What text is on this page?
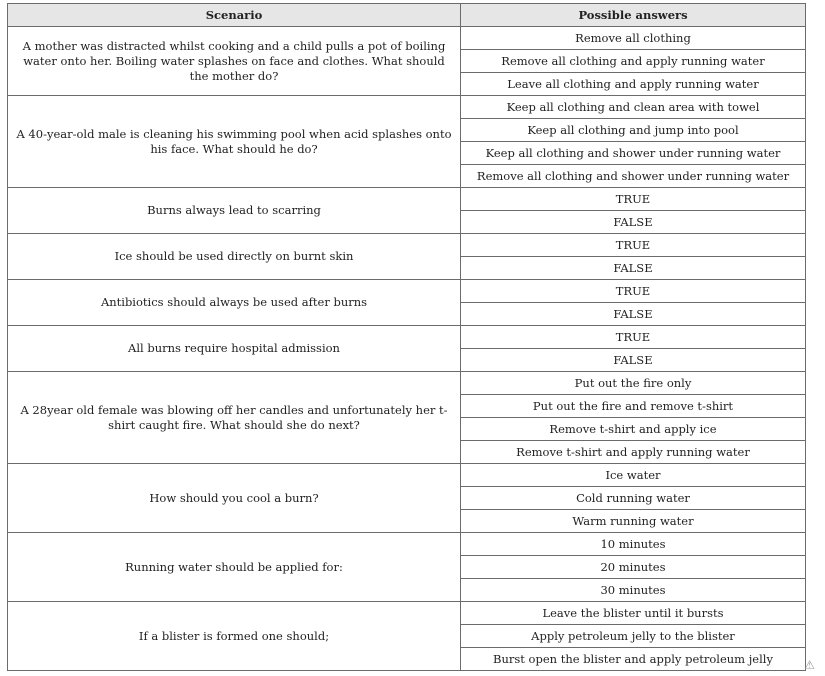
Scenario	Possible answers
A mother was distracted whilst cooking and a child pulls a pot of boiling water onto her. Boiling water splashes on face and clothes. What should the mother do?	Remove all clothing
	Remove all clothing and apply running water
	Leave all clothing and apply running water
A 40-year-old male is cleaning his swimming pool when acid splashes onto his face. What should he do?	Keep all clothing and clean area with towel
	Keep all clothing and jump into pool
	Keep all clothing and shower under running water
	Remove all clothing and shower under running water
Burns always lead to scarring	TRUE
	FALSE
Ice should be used directly on burnt skin	TRUE
	FALSE
Antibiotics should always be used after burns	TRUE
	FALSE
All burns require hospital admission	TRUE
	FALSE
A 28year old female was blowing off her candles and unfortunately her t-shirt caught fire. What should she do next?	Put out the fire only
	Put out the fire and remove t-shirt
	Remove t-shirt and apply ice
	Remove t-shirt and apply running water
How should you cool a burn?	Ice water
	Cold running water
	Warm running water
Running water should be applied for:	10 minutes
	20 minutes
	30 minutes
If a blister is formed one should;	Leave the blister until it bursts
	Apply petroleum jelly to the blister
	Burst open the blister and apply petroleum jelly	⚠
